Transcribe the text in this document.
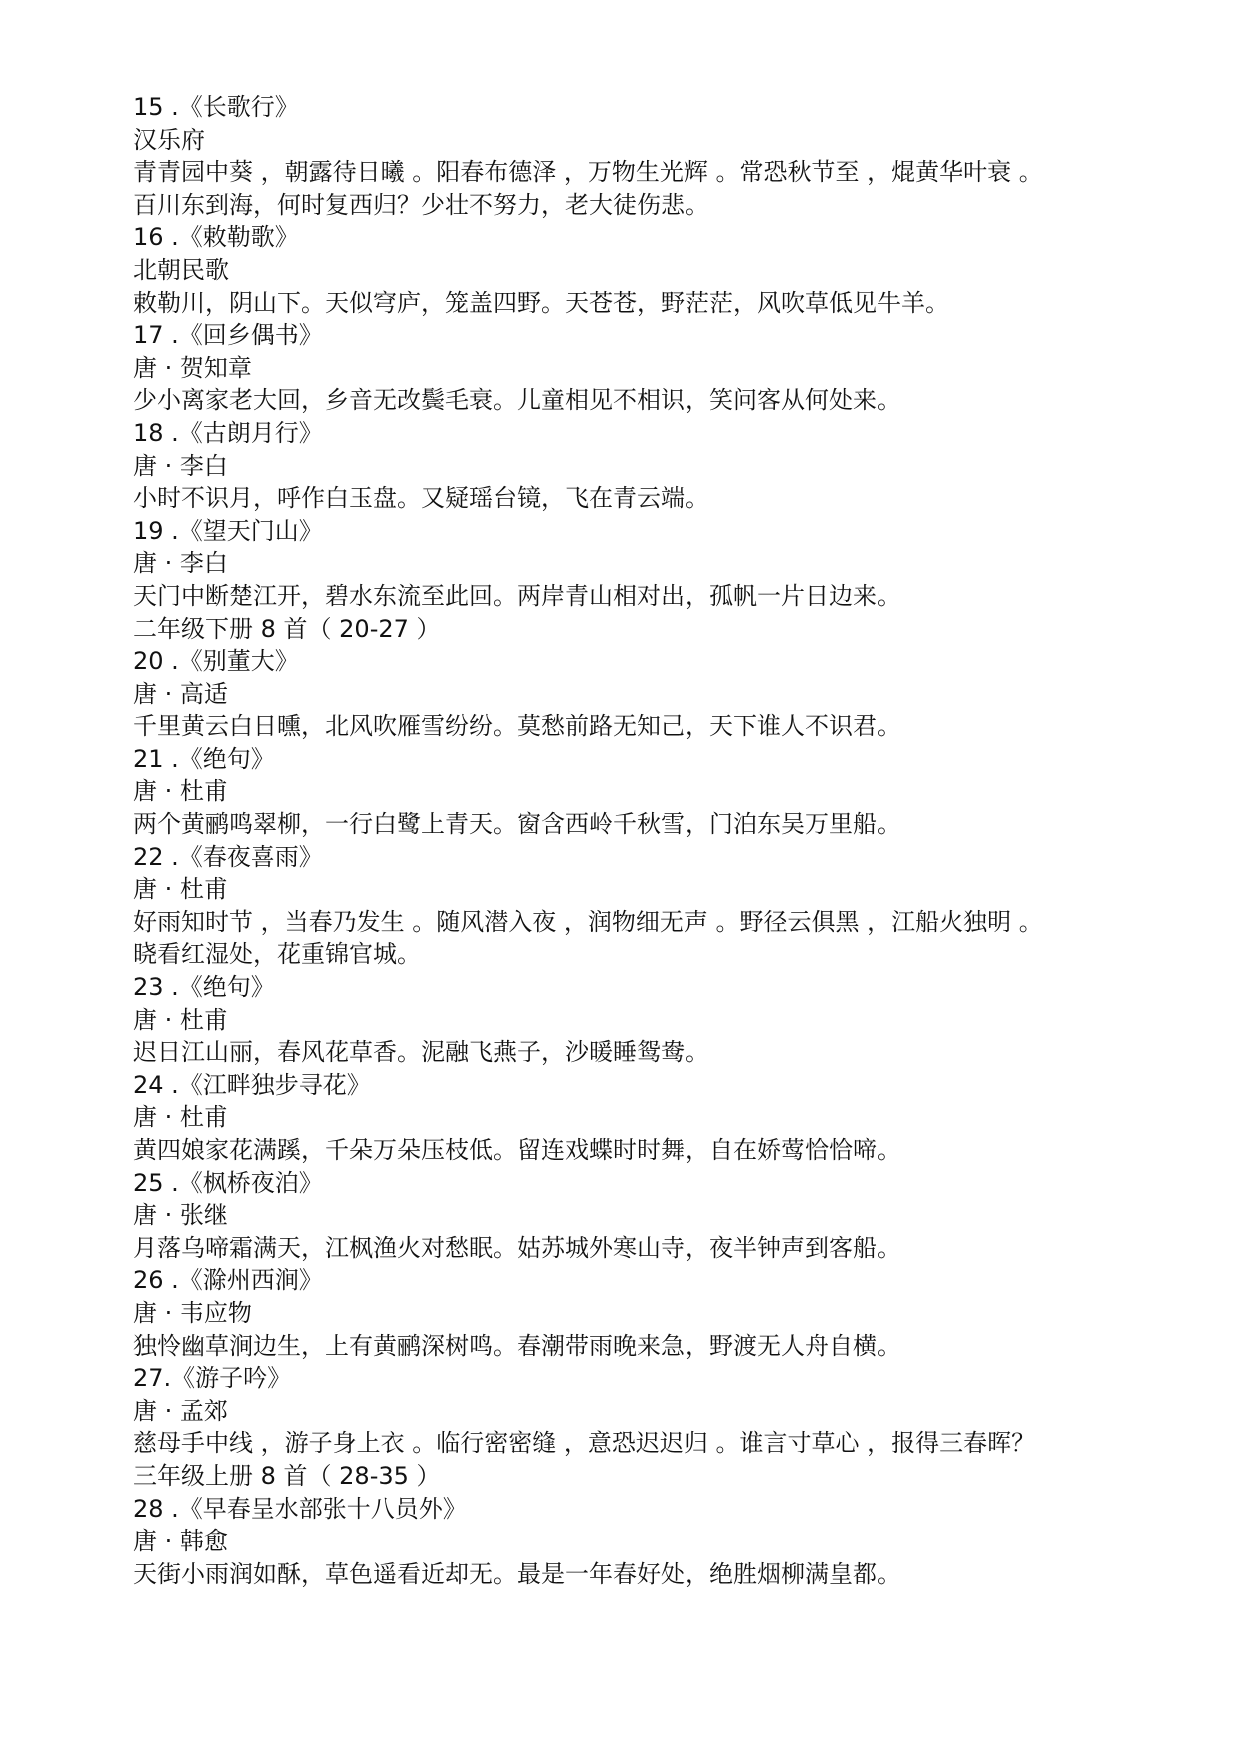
15 .《长歌行》
汉乐府
青青园中葵 ，朝露待日曦 。阳春布德泽 ，万物生光辉 。常恐秋节至 ，焜黄华叶衰 。
百川东到海，何时复西归？少壮不努力，老大徒伤悲。
16 .《敕勒歌》
北朝民歌
敕勒川，阴山下。天似穹庐，笼盖四野。天苍苍，野茫茫，风吹草低见牛羊。
17 .《回乡偶书》
唐 · 贺知章
少小离家老大回，乡音无改鬓毛衰。儿童相见不相识，笑问客从何处来。
18 .《古朗月行》
唐 · 李白
小时不识月，呼作白玉盘。又疑瑶台镜，飞在青云端。
19 .《望天门山》
唐 · 李白
天门中断楚江开，碧水东流至此回。两岸青山相对出，孤帆一片日边来。
二年级下册 8 首（ 20-27 ）
20 .《别董大》
唐 · 高适
千里黄云白日曛，北风吹雁雪纷纷。莫愁前路无知己，天下谁人不识君。
21 .《绝句》
唐 · 杜甫
两个黄鹂鸣翠柳，一行白鹭上青天。窗含西岭千秋雪，门泊东吴万里船。
22 .《春夜喜雨》
唐 · 杜甫
好雨知时节 ，当春乃发生 。随风潜入夜 ，润物细无声 。野径云俱黑 ，江船火独明 。
晓看红湿处，花重锦官城。
23 .《绝句》
唐 · 杜甫
迟日江山丽，春风花草香。泥融飞燕子，沙暖睡鸳鸯。
24 .《江畔独步寻花》
唐 · 杜甫
黄四娘家花满蹊，千朵万朵压枝低。留连戏蝶时时舞，自在娇莺恰恰啼。
25 .《枫桥夜泊》
唐 · 张继
月落乌啼霜满天，江枫渔火对愁眠。姑苏城外寒山寺，夜半钟声到客船。
26 .《滁州西涧》
唐 · 韦应物
独怜幽草涧边生，上有黄鹂深树鸣。春潮带雨晚来急，野渡无人舟自横。
27.《游子吟》
唐 · 孟郊
慈母手中线 ，游子身上衣 。临行密密缝 ，意恐迟迟归 。谁言寸草心 ，报得三春晖？
三年级上册 8 首（ 28-35 ）
28 .《早春呈水部张十八员外》
唐 · 韩愈
天街小雨润如酥，草色遥看近却无。最是一年春好处，绝胜烟柳满皇都。
